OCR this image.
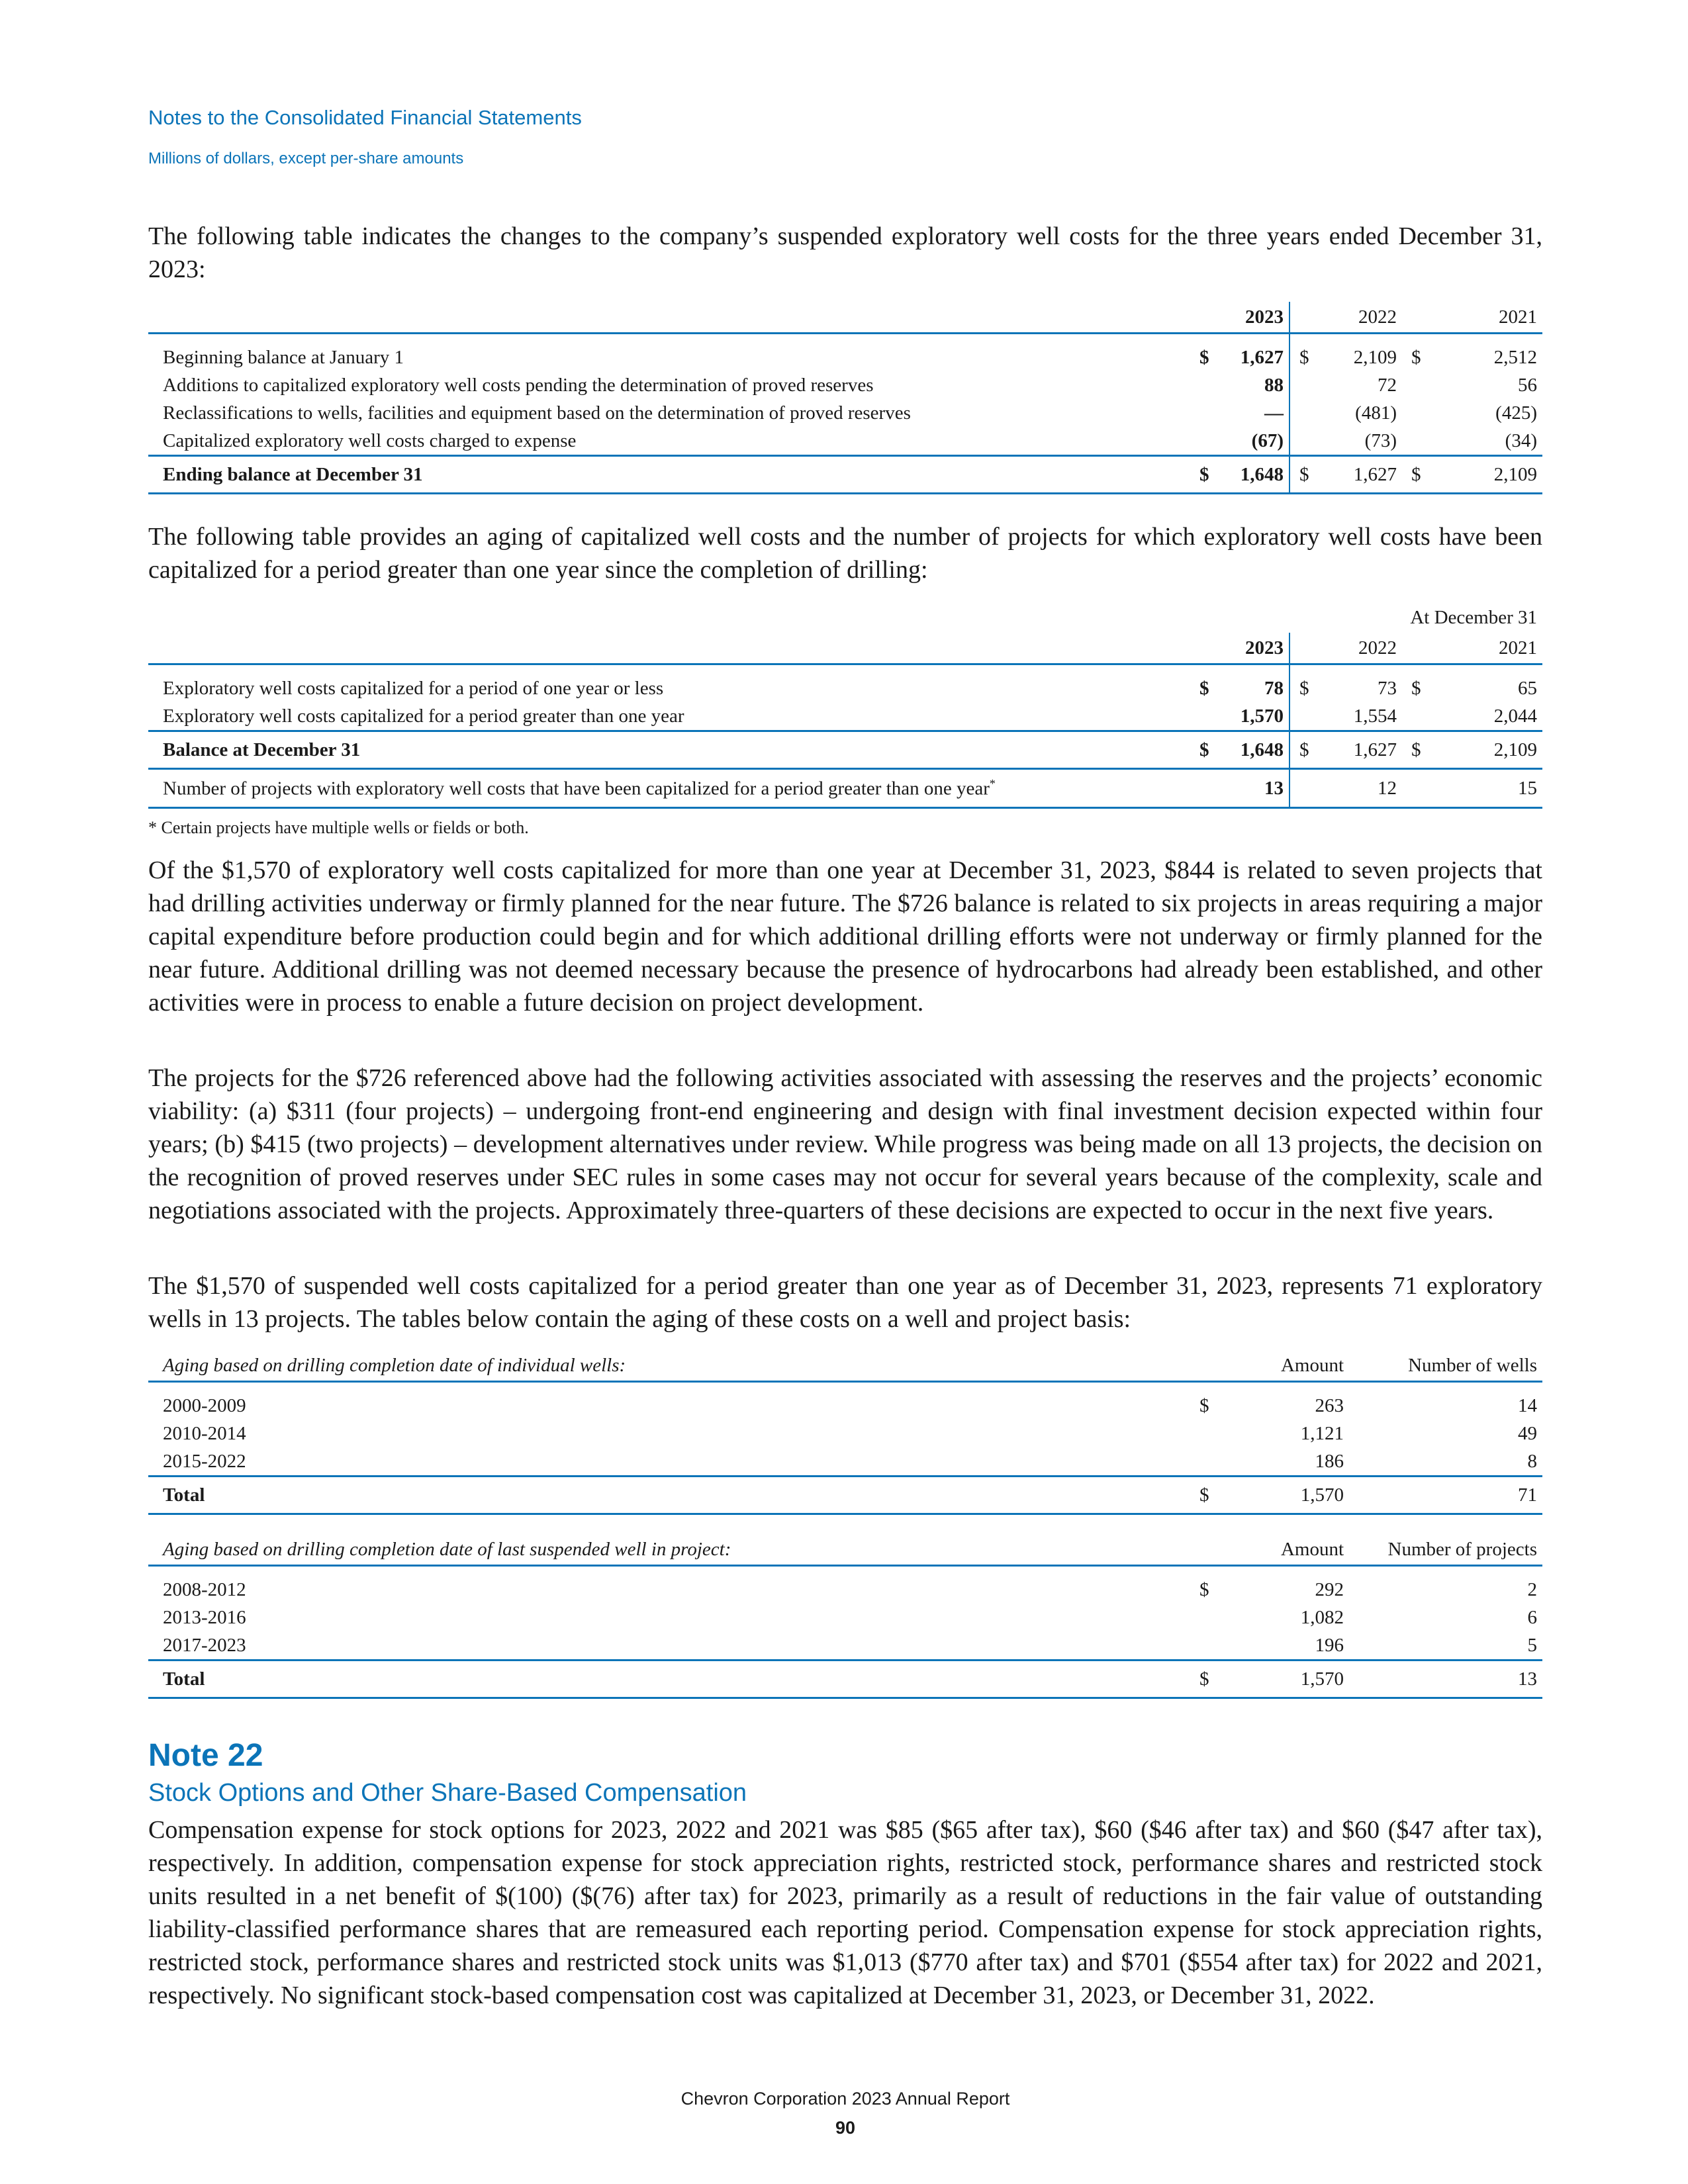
Notes to the Consolidated Financial Statements
Millions of dollars, except per-share amounts
The following table indicates the changes to the company’s suspended exploratory well costs for the three years ended December 31, 2023:
		2023		2022		2021
Beginning balance at January 1	$	1,627	$	2,109	$	2,512
Additions to capitalized exploratory well costs pending the determination of proved reserves		88		72		56
Reclassifications to wells, facilities and equipment based on the determination of proved reserves		—		(481)		(425)
Capitalized exploratory well costs charged to expense		(67)		(73)		(34)
Ending balance at December 31	$	1,648	$	1,627	$	2,109
The following table provides an aging of capitalized well costs and the number of projects for which exploratory well costs have been capitalized for a period greater than one year since the completion of drilling:
	At December 31					
		2023		2022		2021
Exploratory well costs capitalized for a period of one year or less	$	78	$	73	$	65
Exploratory well costs capitalized for a period greater than one year		1,570		1,554		2,044
Balance at December 31	$	1,648	$	1,627	$	2,109
Number of projects with exploratory well costs that have been capitalized for a period greater than one year*		13		12		15
* Certain projects have multiple wells or fields or both.
Of the $1,570 of exploratory well costs capitalized for more than one year at December 31, 2023, $844 is related to seven projects that had drilling activities underway or firmly planned for the near future. The $726 balance is related to six projects in areas requiring a major capital expenditure before production could begin and for which additional drilling efforts were not underway or firmly planned for the near future. Additional drilling was not deemed necessary because the presence of hydrocarbons had already been established, and other activities were in process to enable a future decision on project development.
The projects for the $726 referenced above had the following activities associated with assessing the reserves and the projects’ economic viability: (a) $311 (four projects) – undergoing front-end engineering and design with final investment decision expected within four years; (b) $415 (two projects) – development alternatives under review. While progress was being made on all 13 projects, the decision on the recognition of proved reserves under SEC rules in some cases may not occur for several years because of the complexity, scale and negotiations associated with the projects. Approximately three-quarters of these decisions are expected to occur in the next five years.
The $1,570 of suspended well costs capitalized for a period greater than one year as of December 31, 2023, represents 71 exploratory wells in 13 projects. The tables below contain the aging of these costs on a well and project basis:
Aging based on drilling completion date of individual wells:		Amount	Number of wells
2000-2009	$	263	14
2010-2014		1,121	49
2015-2022		186	8
Total	$	1,570	71
Aging based on drilling completion date of last suspended well in project:		Amount	Number of projects
2008-2012	$	292	2
2013-2016		1,082	6
2017-2023		196	5
Total	$	1,570	13
Note 22
Stock Options and Other Share-Based Compensation
Compensation expense for stock options for 2023, 2022 and 2021 was $85 ($65 after tax), $60 ($46 after tax) and $60 ($47 after tax), respectively. In addition, compensation expense for stock appreciation rights, restricted stock, performance shares and restricted stock units resulted in a net benefit of $(100) ($(76) after tax) for 2023, primarily as a result of reductions in the fair value of outstanding liability-classified performance shares that are remeasured each reporting period. Compensation expense for stock appreciation rights, restricted stock, performance shares and restricted stock units was $1,013 ($770 after tax) and $701 ($554 after tax) for 2022 and 2021, respectively. No significant stock-based compensation cost was capitalized at December 31, 2023, or December 31, 2022.
Chevron Corporation 2023 Annual Report
90
